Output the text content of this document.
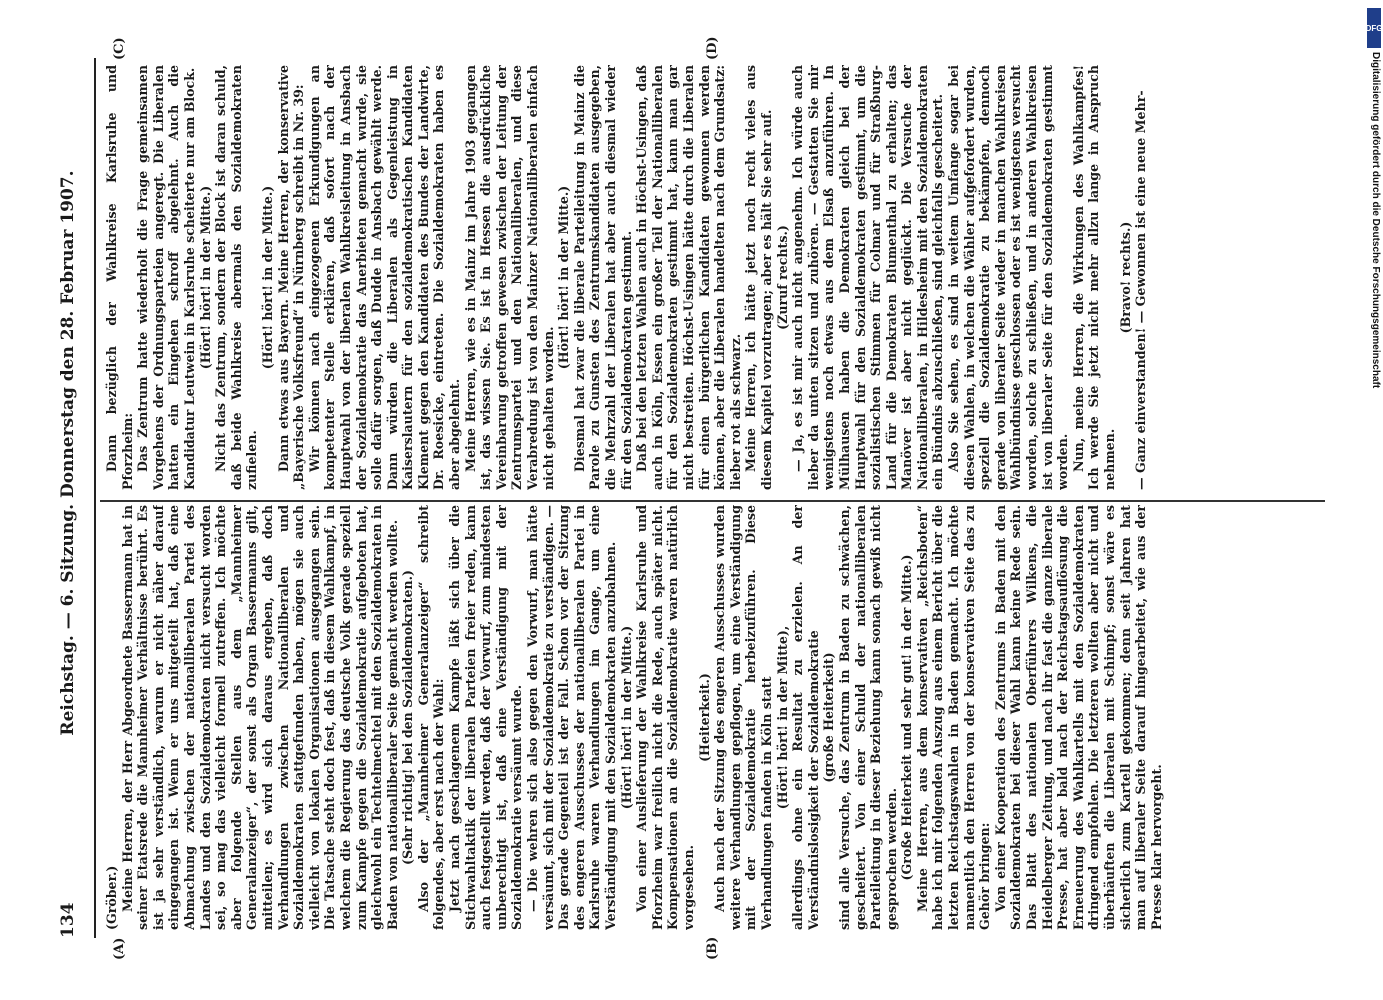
134
Reichstag. — 6. Sitzung. Donnerstag den 28. Februar 1907.
(A)	(B)
(C)	(D)

(Gröber.) Meine Herren, der Herr Abgeordnete Bassermann hat in seiner Etatsrede die Mannheimer Verhältnisse berührt. Es ist ja sehr verständlich, warum er nicht näher darauf eingegangen ist. Wenn er uns mitgeteilt hat, daß eine Abmachung zwischen der nationalliberalen Partei des Landes und den Sozialdemokraten nicht versucht worden sei, so mag das vielleicht formell zutreffen. Ich möchte aber folgende Stellen aus dem „Mannheimer Generalanzeiger“, der sonst als Organ Bassermanns gilt, mitteilen; es wird sich daraus ergeben, daß doch Verhandlungen zwischen Nationalliberalen und Sozialdemokraten stattgefunden haben, mögen sie auch vielleicht von lokalen Organisationen ausgegangen sein. Die Tatsache steht doch fest, daß in diesem Wahlkampf, in welchem die Regierung das deutsche Volk gerade speziell zum Kampfe gegen die Sozialdemokratie aufgeboten hat, gleichwohl ein Techtelmechtel mit den Sozialdemokraten in Baden von nationalliberaler Seite gemacht werden wollte. (Sehr richtig! bei den Sozialdemokraten.) Also der „Mannheimer Generalanzeiger“ schreibt folgendes, aber erst nach der Wahl: Jetzt nach geschlagenem Kampfe läßt sich über die Stichwahltaktik der liberalen Parteien freier reden, kann auch festgestellt werden, daß der Vorwurf, zum mindesten unberechtigt ist, daß eine Verständigung mit der Sozialdemokratie versäumt wurde. — Die wehren sich also gegen den Vorwurf, man hätte versäumt, sich mit der Sozialdemokratie zu verständigen. — Das gerade Gegenteil ist der Fall. Schon vor der Sitzung des engeren Ausschusses der nationalliberalen Partei in Karlsruhe waren Verhandlungen im Gange, um eine Verständigung mit den Sozialdemokraten anzubahnen. (Hört! hört! in der Mitte.) Von einer Auslieferung der Wahlkreise Karlsruhe und Pforzheim war freilich nicht die Rede, auch später nicht. Kompensationen an die Sozialdemokratie waren natürlich vorgesehen.

(Heiterkeit.) Auch nach der Sitzung des engeren Ausschusses wurden weitere Verhandlungen gepflogen, um eine Verständigung mit der Sozialdemokratie herbeizuführen. Diese Verhandlungen fanden in Köln statt (Hört! hört! in der Mitte), allerdings ohne ein Resultat zu erzielen. An der Verständnislosigkeit der Sozialdemokratie (große Heiterkeit) sind alle Versuche, das Zentrum in Baden zu schwächen, gescheitert. Von einer Schuld der nationalliberalen Parteileitung in dieser Beziehung kann sonach gewiß nicht gesprochen werden. (Große Heiterkeit und sehr gut! in der Mitte.) Meine Herren, aus dem konservativen „Reichsboten“ habe ich mir folgenden Auszug aus einem Bericht über die letzten Reichstagswahlen in Baden gemacht. Ich möchte namentlich den Herren von der konservativen Seite das zu Gehör bringen: Von einer Kooperation des Zentrums in Baden mit den Sozialdemokraten bei dieser Wahl kann keine Rede sein. Das Blatt des nationalen Oberführers Wilkens, die Heidelberger Zeitung, und nach ihr fast die ganze liberale Presse, hat aber bald nach der Reichstagsauflösung die Erneuerung des Wahlkartells mit den Sozialdemokraten dringend empfohlen. Die letzteren wollten aber nicht und überhäuften die Liberalen mit Schimpf; sonst wäre es sicherlich zum Kartell gekommen; denn seit Jahren hat man auf liberaler Seite darauf hingearbeitet, wie aus der Presse klar hervorgeht.

Dann bezüglich der Wahlkreise Karlsruhe und Pforzheim: Das Zentrum hatte wiederholt die Frage gemeinsamen Vorgehens der Ordnungsparteien angeregt. Die Liberalen hatten ein Eingehen schroff abgelehnt. Auch die Kandidatur Leutwein in Karlsruhe scheiterte nur am Block. (Hört! hört! in der Mitte.) Nicht das Zentrum, sondern der Block ist daran schuld, daß beide Wahlkreise abermals den Sozialdemokraten zufielen.

(Hört! hört! in der Mitte.) Dann etwas aus Bayern. Meine Herren, der konservative „Bayerische Volksfreund“ in Nürnberg schreibt in Nr. 39: Wir können nach eingezogenen Erkundigungen an kompetenter Stelle erklären, daß sofort nach der Hauptwahl von der liberalen Wahlkreisleitung in Ansbach der Sozialdemokratie das Anerbieten gemacht wurde, sie solle dafür sorgen, daß Dudde in Ansbach gewählt werde. Dann würden die Liberalen als Gegenleistung in Kaiserslautern für den sozialdemokratischen Kandidaten Klement gegen den Kandidaten des Bundes der Landwirte, Dr. Roesicke, eintreten. Die Sozialdemokraten haben es aber abgelehnt. Meine Herren, wie es in Mainz im Jahre 1903 gegangen ist, das wissen Sie. Es ist in Hessen die ausdrückliche Vereinbarung getroffen gewesen zwischen der Leitung der Zentrumspartei und den Nationalliberalen, und diese Verabredung ist von den Mainzer Nationalliberalen einfach nicht gehalten worden.

(Hört! hört! in der Mitte.) Diesmal hat zwar die liberale Parteileitung in Mainz die Parole zu Gunsten des Zentrumskandidaten ausgegeben, die Mehrzahl der Liberalen hat aber auch diesmal wieder für den Sozialdemokraten gestimmt. Daß bei den letzten Wahlen auch in Höchst-Usingen, daß auch in Köln, Essen ein großer Teil der Nationalliberalen für den Sozialdemokraten gestimmt hat, kann man gar nicht bestreiten. Höchst-Usingen hätte durch die Liberalen für einen bürgerlichen Kandidaten gewonnen werden können, aber die Liberalen handelten nach dem Grundsatz: lieber rot als schwarz. Meine Herren, ich hätte jetzt noch recht vieles aus diesem Kapitel vorzutragen; aber es hält Sie sehr auf. (Zuruf rechts.) — Ja, es ist mir auch nicht angenehm. Ich würde auch lieber da unten sitzen und zuhören. — Gestatten Sie mir wenigstens noch etwas aus dem Elsaß anzuführen. In Mülhausen haben die Demokraten gleich bei der Hauptwahl für den Sozialdemokraten gestimmt, um die sozialistischen Stimmen für Colmar und für Straßburg-Land für die Demokraten Blumenthal zu erhalten; das Manöver ist aber nicht geglückt. Die Versuche der Nationalliberalen, in Hildesheim mit den Sozialdemokraten ein Bündnis abzuschließen, sind gleichfalls gescheitert. Also Sie sehen, es sind in weitem Umfange sogar bei diesen Wahlen, in welchen die Wähler aufgefordert wurden, speziell die Sozialdemokratie zu bekämpfen, dennoch gerade von liberaler Seite wieder in manchen Wahlkreisen Wahlbündnisse geschlossen oder es ist wenigstens versucht worden, solche zu schließen, und in anderen Wahlkreisen ist von liberaler Seite für den Sozialdemokraten gestimmt worden. Nun, meine Herren, die Wirkungen des Wahlkampfes! Ich werde Sie jetzt nicht mehr allzu lange in Anspruch nehmen.

(Bravo! rechts.) — Ganz einverstanden! — Gewonnen ist eine neue Mehr-

DFG
Digitalisierung gefördert durch die Deutsche Forschungsgemeinschaft
